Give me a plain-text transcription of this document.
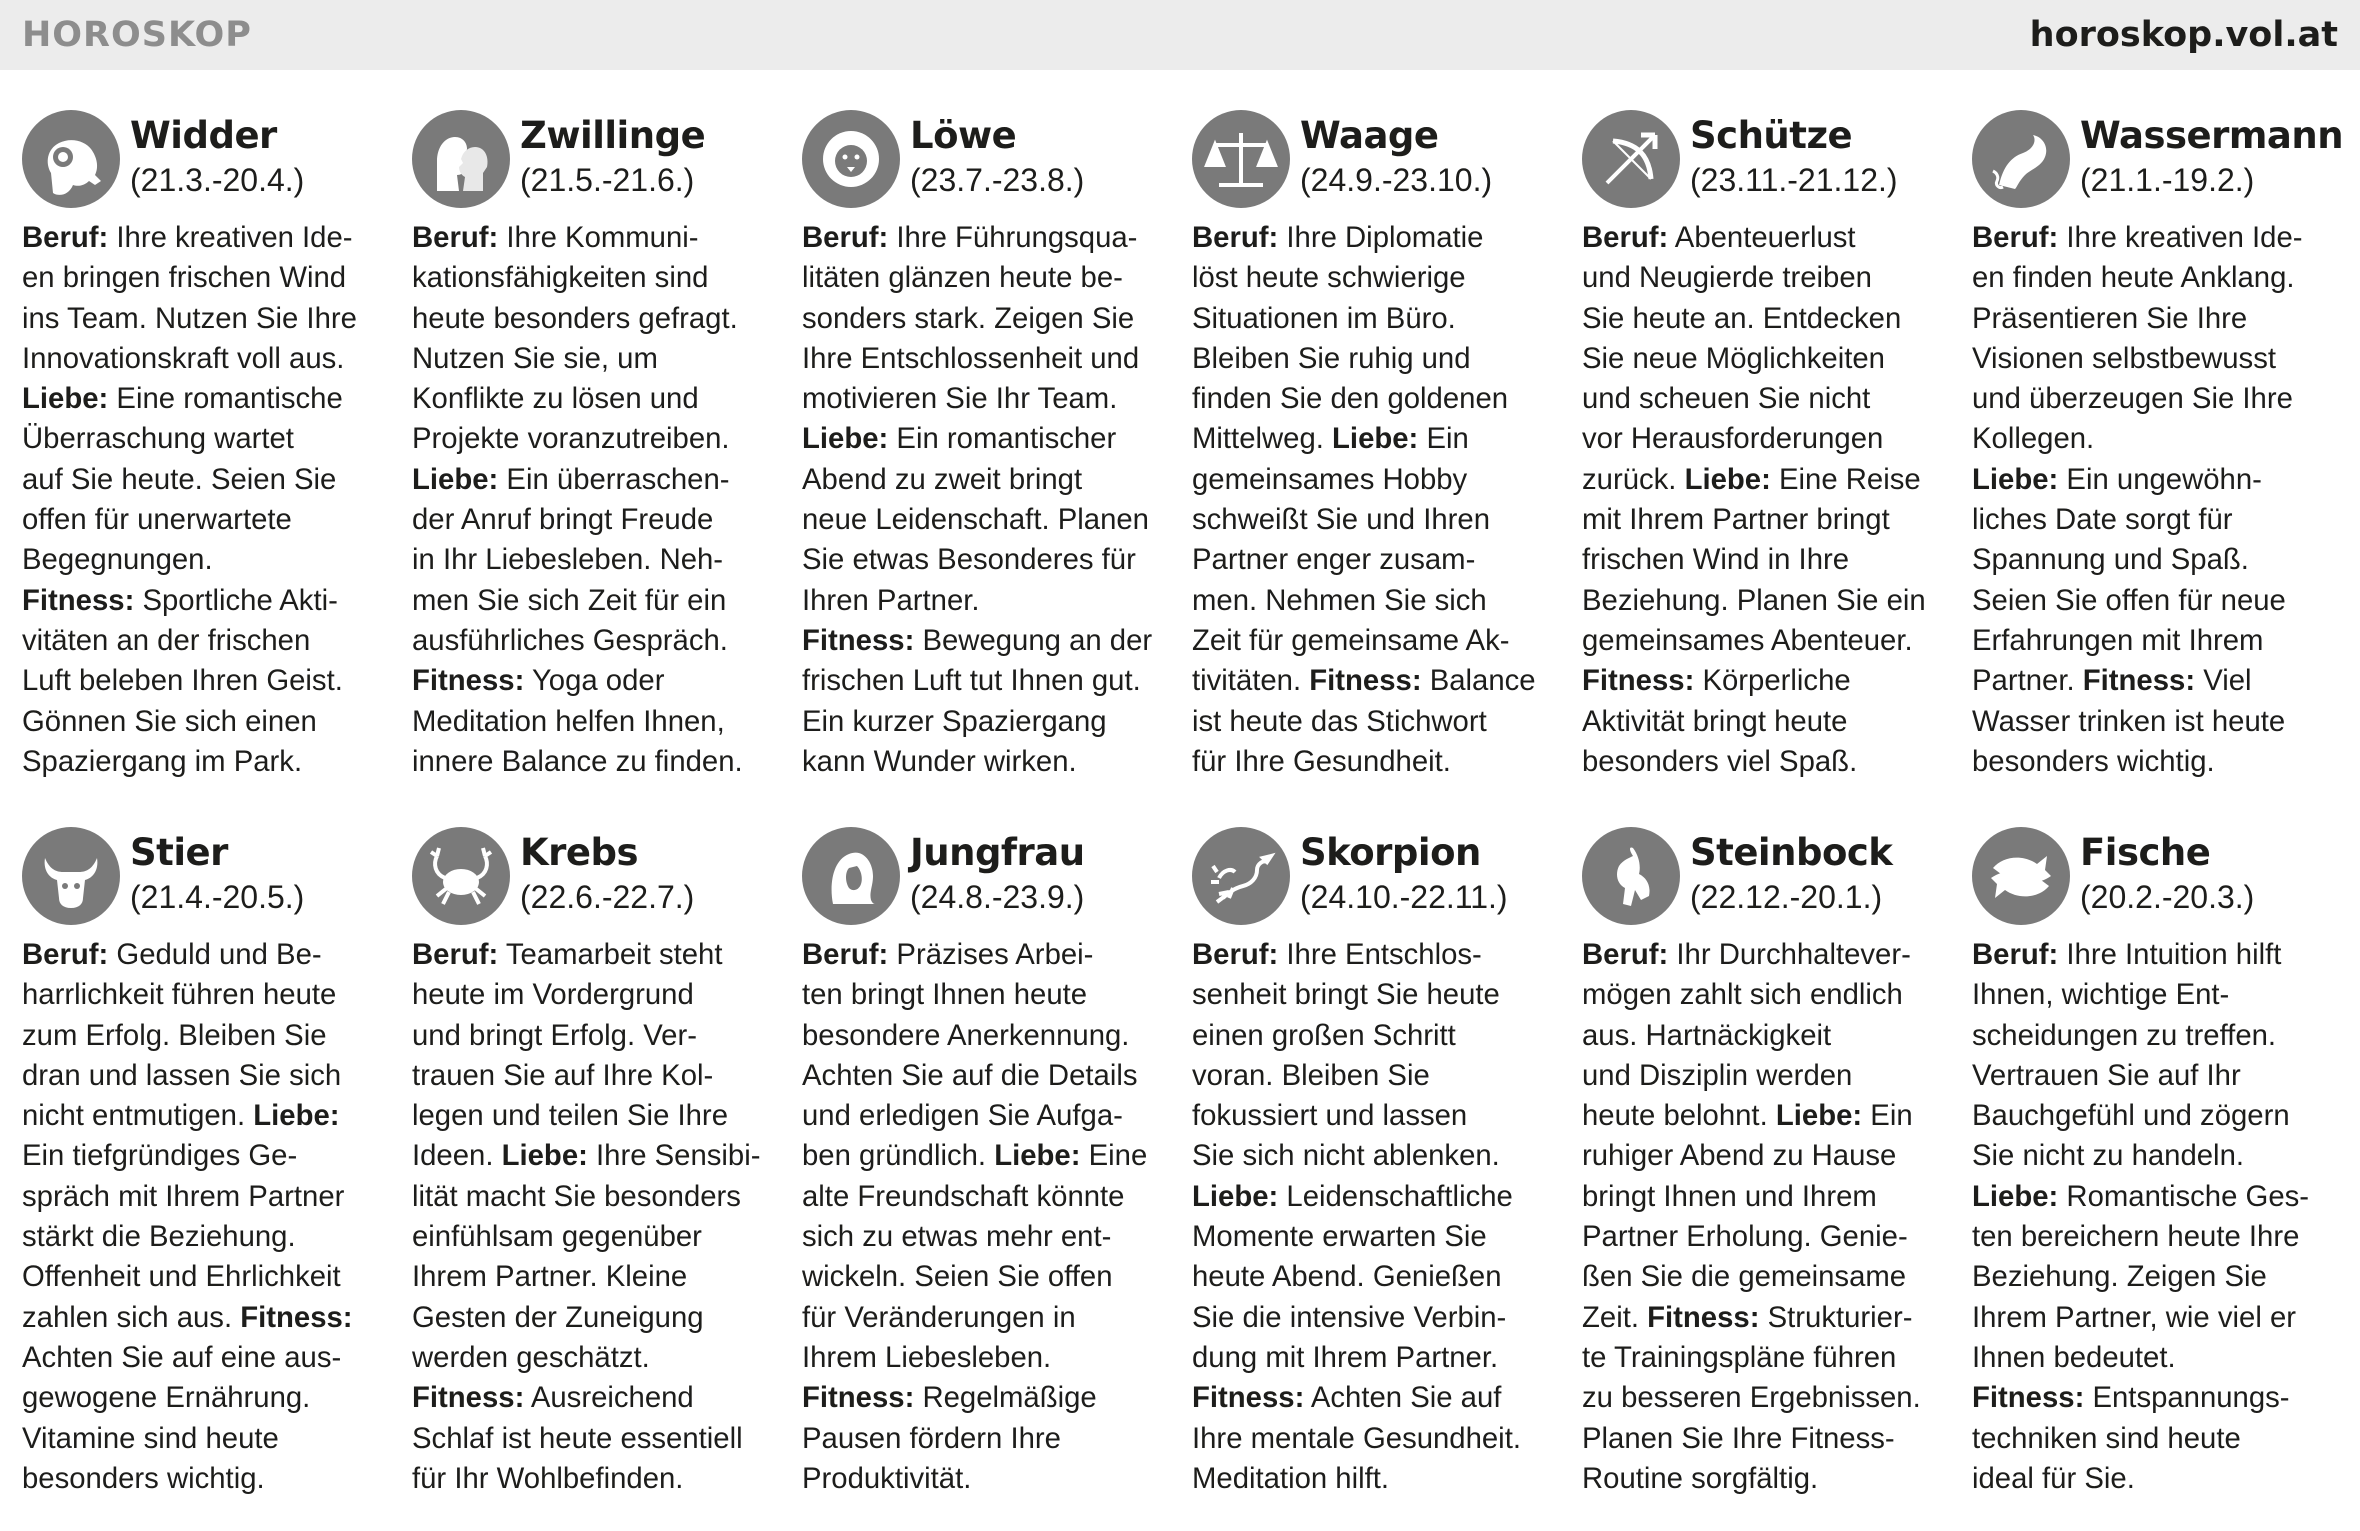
HOROSKOP	horoskop.vol.at
Widder
(21.3.-20.4.)
Beruf: Ihre kreativen Ide-
en bringen frischen Wind
ins Team. Nutzen Sie Ihre
Innovationskraft voll aus.
Liebe: Eine romantische
Überraschung wartet
auf Sie heute. Seien Sie
offen für unerwartete
Begegnungen.
Fitness: Sportliche Akti-
vitäten an der frischen
Luft beleben Ihren Geist.
Gönnen Sie sich einen
Spaziergang im Park.
Zwillinge
(21.5.-21.6.)
Beruf: Ihre Kommuni-
kationsfähigkeiten sind
heute besonders gefragt.
Nutzen Sie sie, um
Konflikte zu lösen und
Projekte voranzutreiben.
Liebe: Ein überraschen-
der Anruf bringt Freude
in Ihr Liebesleben. Neh-
men Sie sich Zeit für ein
ausführliches Gespräch.
Fitness: Yoga oder
Meditation helfen Ihnen,
innere Balance zu finden.
Löwe
(23.7.-23.8.)
Beruf: Ihre Führungsqua-
litäten glänzen heute be-
sonders stark. Zeigen Sie
Ihre Entschlossenheit und
motivieren Sie Ihr Team.
Liebe: Ein romantischer
Abend zu zweit bringt
neue Leidenschaft. Planen
Sie etwas Besonderes für
Ihren Partner.
Fitness: Bewegung an der
frischen Luft tut Ihnen gut.
Ein kurzer Spaziergang
kann Wunder wirken.
Waage
(24.9.-23.10.)
Beruf: Ihre Diplomatie
löst heute schwierige
Situationen im Büro.
Bleiben Sie ruhig und
finden Sie den goldenen
Mittelweg. Liebe: Ein
gemeinsames Hobby
schweißt Sie und Ihren
Partner enger zusam-
men. Nehmen Sie sich
Zeit für gemeinsame Ak-
tivitäten. Fitness: Balance
ist heute das Stichwort
für Ihre Gesundheit.
Schütze
(23.11.-21.12.)
Beruf: Abenteuerlust
und Neugierde treiben
Sie heute an. Entdecken
Sie neue Möglichkeiten
und scheuen Sie nicht
vor Herausforderungen
zurück. Liebe: Eine Reise
mit Ihrem Partner bringt
frischen Wind in Ihre
Beziehung. Planen Sie ein
gemeinsames Abenteuer.
Fitness: Körperliche
Aktivität bringt heute
besonders viel Spaß.
Wassermann
(21.1.-19.2.)
Beruf: Ihre kreativen Ide-
en finden heute Anklang.
Präsentieren Sie Ihre
Visionen selbstbewusst
und überzeugen Sie Ihre
Kollegen.
Liebe: Ein ungewöhn-
liches Date sorgt für
Spannung und Spaß.
Seien Sie offen für neue
Erfahrungen mit Ihrem
Partner. Fitness: Viel
Wasser trinken ist heute
besonders wichtig.
Stier
(21.4.-20.5.)
Beruf: Geduld und Be-
harrlichkeit führen heute
zum Erfolg. Bleiben Sie
dran und lassen Sie sich
nicht entmutigen. Liebe:
Ein tiefgründiges Ge-
spräch mit Ihrem Partner
stärkt die Beziehung.
Offenheit und Ehrlichkeit
zahlen sich aus. Fitness:
Achten Sie auf eine aus-
gewogene Ernährung.
Vitamine sind heute
besonders wichtig.
Krebs
(22.6.-22.7.)
Beruf: Teamarbeit steht
heute im Vordergrund
und bringt Erfolg. Ver-
trauen Sie auf Ihre Kol-
legen und teilen Sie Ihre
Ideen. Liebe: Ihre Sensibi-
lität macht Sie besonders
einfühlsam gegenüber
Ihrem Partner. Kleine
Gesten der Zuneigung
werden geschätzt.
Fitness: Ausreichend
Schlaf ist heute essentiell
für Ihr Wohlbefinden.
Jungfrau
(24.8.-23.9.)
Beruf: Präzises Arbei-
ten bringt Ihnen heute
besondere Anerkennung.
Achten Sie auf die Details
und erledigen Sie Aufga-
ben gründlich. Liebe: Eine
alte Freundschaft könnte
sich zu etwas mehr ent-
wickeln. Seien Sie offen
für Veränderungen in
Ihrem Liebesleben.
Fitness: Regelmäßige
Pausen fördern Ihre
Produktivität.
Skorpion
(24.10.-22.11.)
Beruf: Ihre Entschlos-
senheit bringt Sie heute
einen großen Schritt
voran. Bleiben Sie
fokussiert und lassen
Sie sich nicht ablenken.
Liebe: Leidenschaftliche
Momente erwarten Sie
heute Abend. Genießen
Sie die intensive Verbin-
dung mit Ihrem Partner.
Fitness: Achten Sie auf
Ihre mentale Gesundheit.
Meditation hilft.
Steinbock
(22.12.-20.1.)
Beruf: Ihr Durchhaltever-
mögen zahlt sich endlich
aus. Hartnäckigkeit
und Disziplin werden
heute belohnt. Liebe: Ein
ruhiger Abend zu Hause
bringt Ihnen und Ihrem
Partner Erholung. Genie-
ßen Sie die gemeinsame
Zeit. Fitness: Strukturier-
te Trainingspläne führen
zu besseren Ergebnissen.
Planen Sie Ihre Fitness-
Routine sorgfältig.
Fische
(20.2.-20.3.)
Beruf: Ihre Intuition hilft
Ihnen, wichtige Ent-
scheidungen zu treffen.
Vertrauen Sie auf Ihr
Bauchgefühl und zögern
Sie nicht zu handeln.
Liebe: Romantische Ges-
ten bereichern heute Ihre
Beziehung. Zeigen Sie
Ihrem Partner, wie viel er
Ihnen bedeutet.
Fitness: Entspannungs-
techniken sind heute
ideal für Sie.
